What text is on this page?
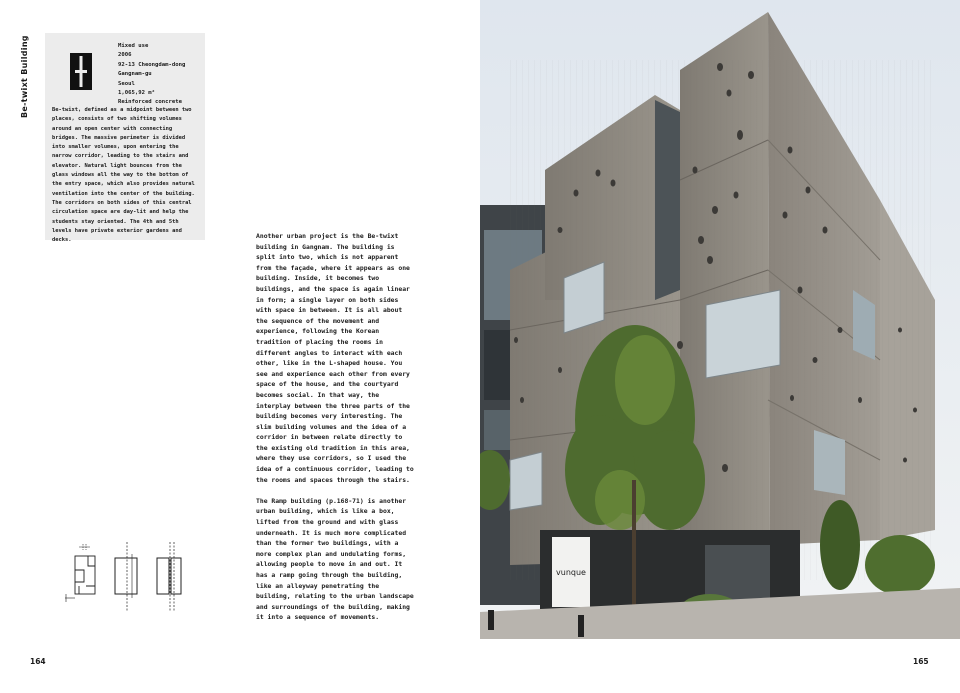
Be-twixt Building	Mixed use
2006
92-13 Cheongdam-dong
Gangnam-gu
Seoul
1,065,92 m²
Reinforced concrete

Be-twixt, defined as a midpoint between two places, consists of two shifting volumes around an open center with connecting bridges. The massive perimeter is divided into smaller volumes, upon entering the narrow corridor, leading to the stairs and elevator. Natural light bounces from the glass windows all the way to the bottom of the entry space, which also provides natural ventilation into the center of the building. The corridors on both sides of this central circulation space are day-lit and help the students stay oriented. The 4th and 5th levels have private exterior gardens and decks.

Another urban project is the Be-twixt building in Gangnam. The building is split into two, which is not apparent from the façade, where it appears as one building. Inside, it becomes two buildings, and the space is again linear in form; a single layer on both sides with space in between. It is all about the sequence of the movement and experience, following the Korean tradition of placing the rooms in different angles to interact with each other, like in the L-shaped house. You see and experience each other from every space of the house, and the courtyard becomes social. In that way, the interplay between the three parts of the building becomes very interesting. The slim building volumes and the idea of a corridor in between relate directly to the existing old tradition in this area, where they use corridors, so I used the idea of a continuous corridor, leading to the rooms and spaces through the stairs.

The Ramp building (p.168-71) is another urban building, which is like a box, lifted from the ground and with glass underneath. It is much more complicated than the former two buildings, with a more complex plan and undulating forms, allowing people to move in and out. It has a ramp going through the building, like an alleyway penetrating the building, relating to the urban landscape and surroundings of the building, making it into a sequence of movements.

164
vunque
165
